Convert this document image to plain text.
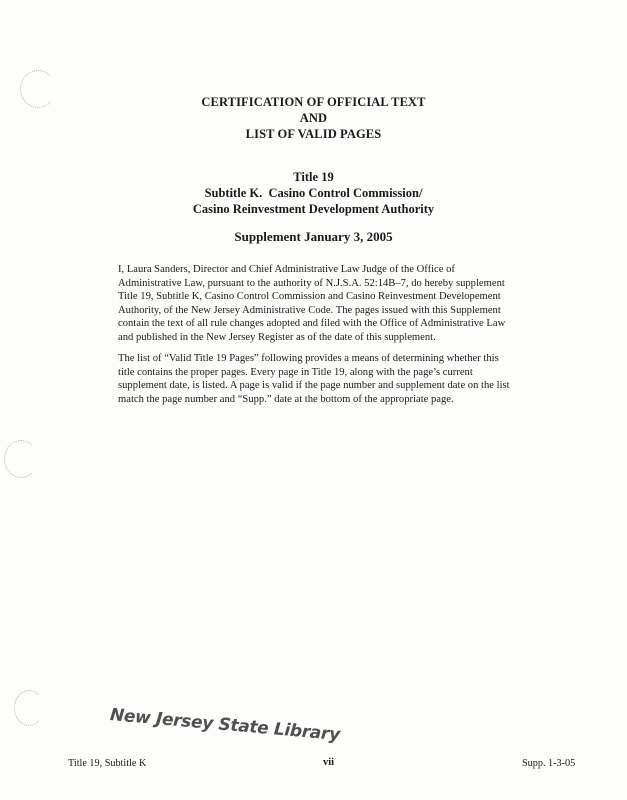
CERTIFICATION OF OFFICIAL TEXT
AND
LIST OF VALID PAGES
Title 19
Subtitle K.  Casino Control Commission/
Casino Reinvestment Development Authority
Supplement January 3, 2005

I, Laura Sanders, Director and Chief Administrative Law Judge of the Office of Administrative Law, pursuant to the authority of N.J.S.A. 52:14B–7, do hereby supplement Title 19, Subtitle K, Casino Control Commission and Casino Reinvestment Developement Authority, of the New Jersey Administrative Code. The pages issued with this Supplement contain the text of all rule changes adopted and filed with the Office of Administrative Law and published in the New Jersey Register as of the date of this supplement.

The list of “Valid Title 19 Pages” following provides a means of determining whether this title contains the proper pages. Every page in Title 19, along with the page’s current supplement date, is listed. A page is valid if the page number and supplement date on the list match the page number and “Supp.” date at the bottom of the appropriate page.

New Jersey State Library
Title 19, Subtitle K	vii	Supp. 1-3-05
